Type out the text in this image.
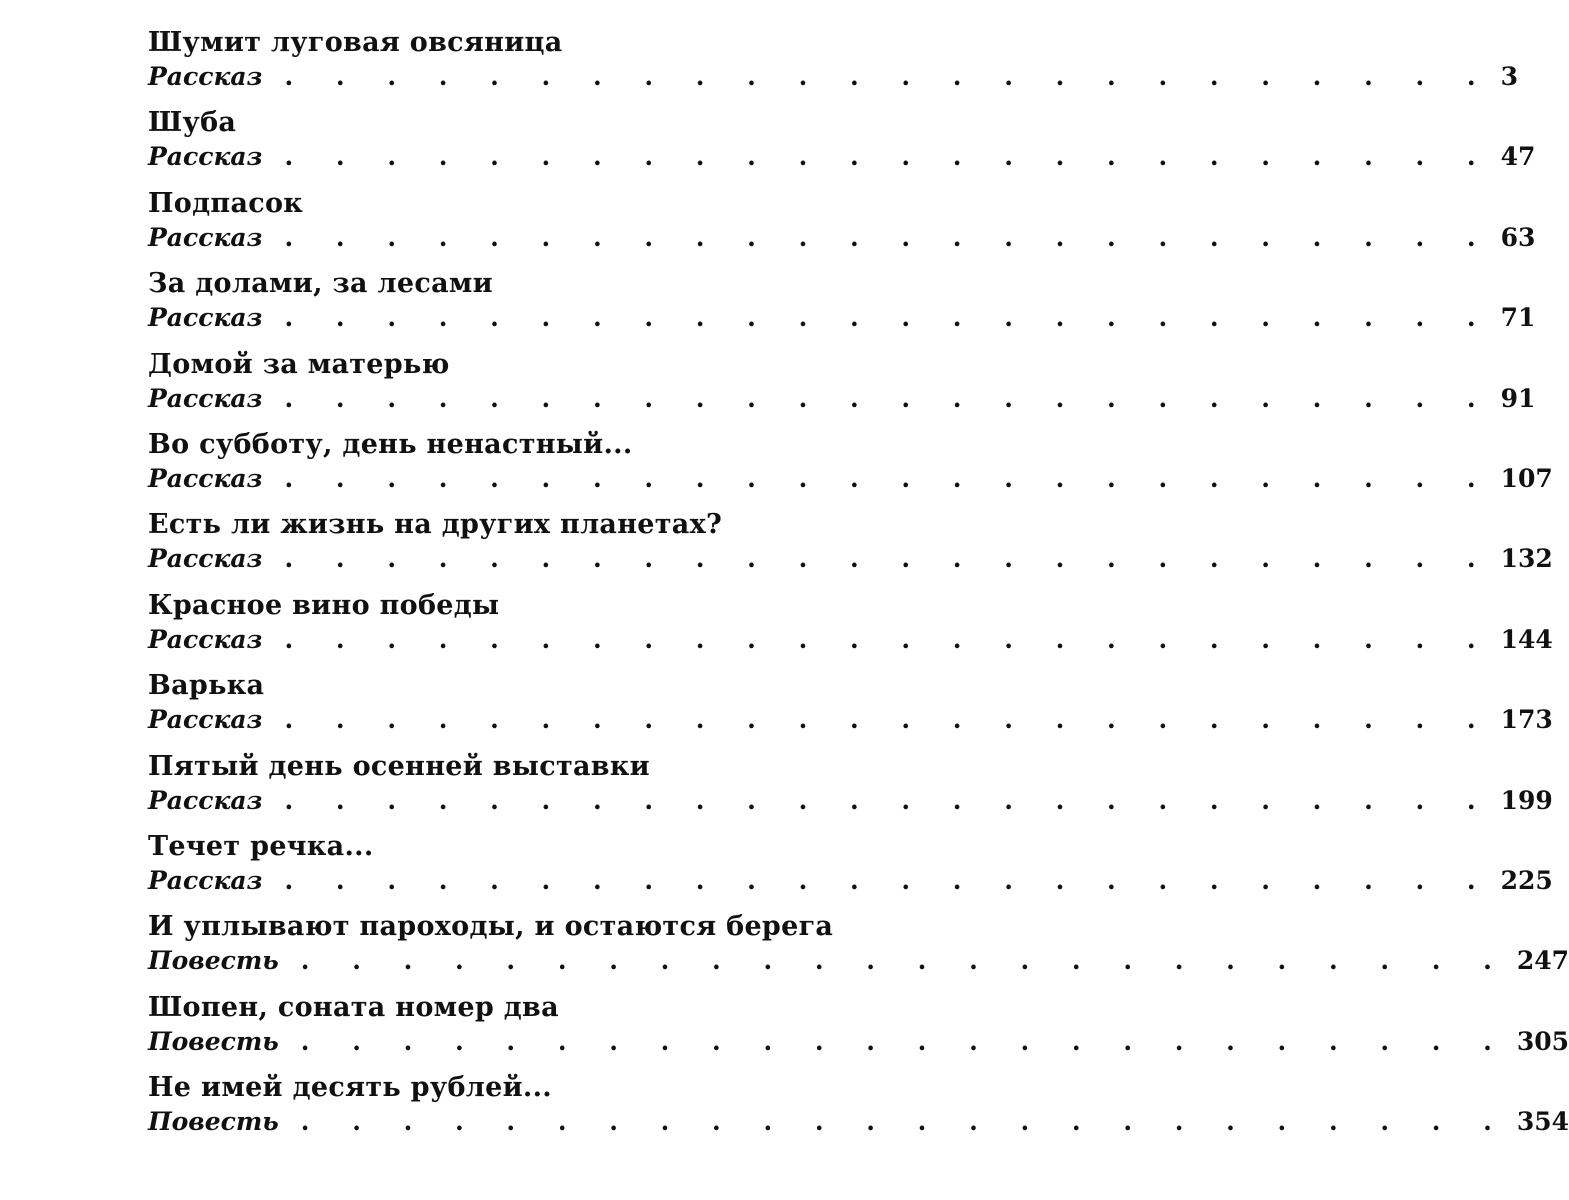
Шумит луговая овсяница
Рассказ . . . . . . . . . . . . . . . . . . . . . . . . 3
Шуба
Рассказ . . . . . . . . . . . . . . . . . . . . . . . . 47
Подпасок
Рассказ . . . . . . . . . . . . . . . . . . . . . . . . 63
За долами, за лесами
Рассказ . . . . . . . . . . . . . . . . . . . . . . . . 71
Домой за матерью
Рассказ . . . . . . . . . . . . . . . . . . . . . . . . 91
Во субботу, день ненастный...
Рассказ . . . . . . . . . . . . . . . . . . . . . . . . 107
Есть ли жизнь на других планетах?
Рассказ . . . . . . . . . . . . . . . . . . . . . . . . 132
Красное вино победы
Рассказ . . . . . . . . . . . . . . . . . . . . . . . . 144
Варька
Рассказ . . . . . . . . . . . . . . . . . . . . . . . . 173
Пятый день осенней выставки
Рассказ . . . . . . . . . . . . . . . . . . . . . . . . 199
Течет речка...
Рассказ . . . . . . . . . . . . . . . . . . . . . . . . 225
И уплывают пароходы, и остаются берега
Повесть . . . . . . . . . . . . . . . . . . . . . . . . 247
Шопен, соната номер два
Повесть . . . . . . . . . . . . . . . . . . . . . . . . 305
Не имей десять рублей...
Повесть . . . . . . . . . . . . . . . . . . . . . . . . 354
